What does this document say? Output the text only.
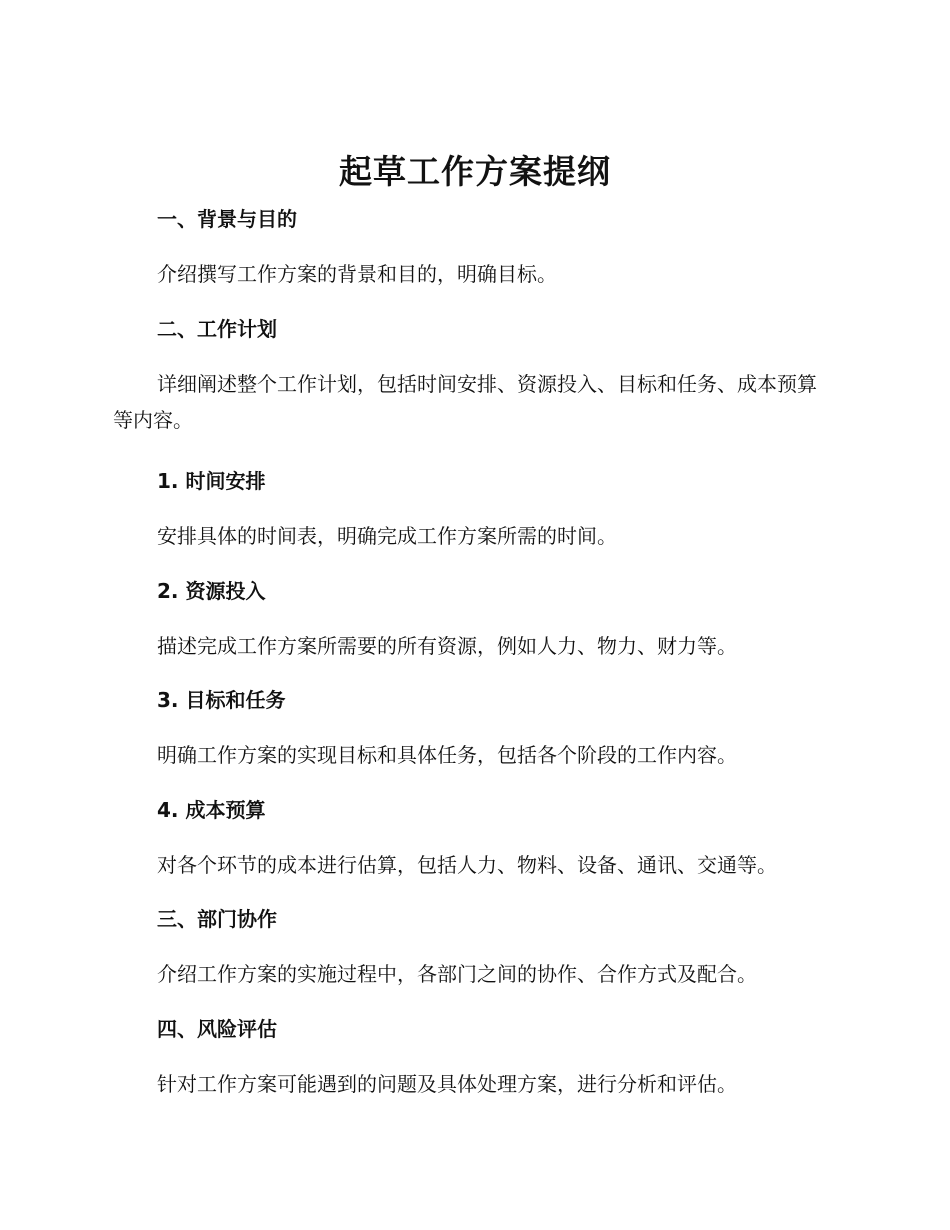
起草工作方案提纲
一、背景与目的
介绍撰写工作方案的背景和目的，明确目标。
二、工作计划
详细阐述整个工作计划，包括时间安排、资源投入、目标和任务、成本预算等内容。
1. 时间安排
安排具体的时间表，明确完成工作方案所需的时间。
2. 资源投入
描述完成工作方案所需要的所有资源，例如人力、物力、财力等。
3. 目标和任务
明确工作方案的实现目标和具体任务，包括各个阶段的工作内容。
4. 成本预算
对各个环节的成本进行估算，包括人力、物料、设备、通讯、交通等。
三、部门协作
介绍工作方案的实施过程中，各部门之间的协作、合作方式及配合。
四、风险评估
针对工作方案可能遇到的问题及具体处理方案，进行分析和评估。
